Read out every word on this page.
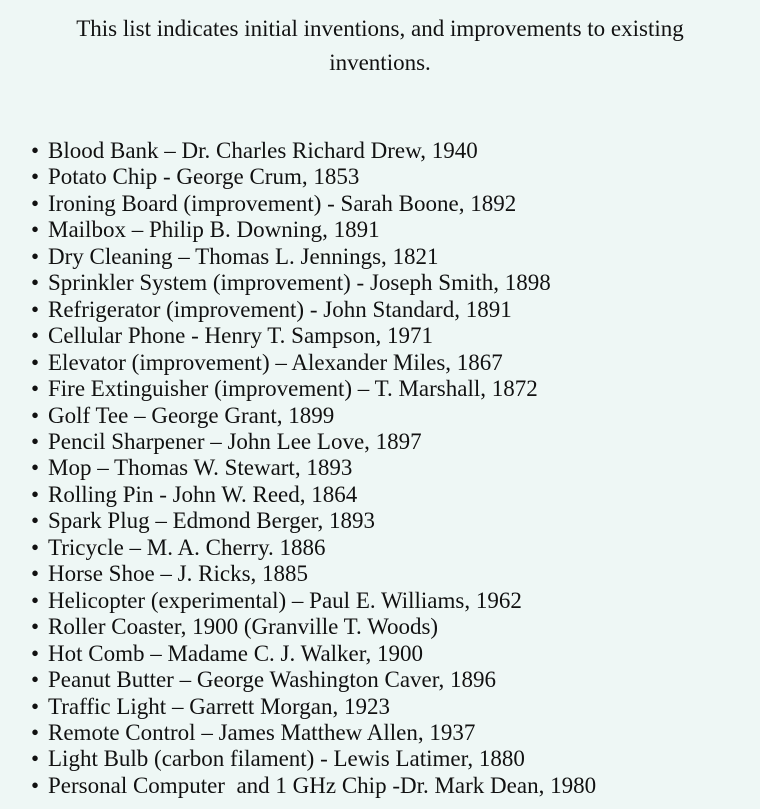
This list indicates initial inventions, and improvements to existing inventions.

• Blood Bank – Dr. Charles Richard Drew, 1940
• Potato Chip - George Crum, 1853
• Ironing Board (improvement) - Sarah Boone, 1892
• Mailbox – Philip B. Downing, 1891
• Dry Cleaning – Thomas L. Jennings, 1821
• Sprinkler System (improvement) - Joseph Smith, 1898
• Refrigerator (improvement) - John Standard, 1891
• Cellular Phone - Henry T. Sampson, 1971
• Elevator (improvement) – Alexander Miles, 1867
• Fire Extinguisher (improvement) – T. Marshall, 1872
• Golf Tee – George Grant, 1899
• Pencil Sharpener – John Lee Love, 1897
• Mop – Thomas W. Stewart, 1893
• Rolling Pin - John W. Reed, 1864
• Spark Plug – Edmond Berger, 1893
• Tricycle – M. A. Cherry. 1886
• Horse Shoe – J. Ricks, 1885
• Helicopter (experimental) – Paul E. Williams, 1962
• Roller Coaster, 1900 (Granville T. Woods)
• Hot Comb – Madame C. J. Walker, 1900
• Peanut Butter – George Washington Caver, 1896
• Traffic Light – Garrett Morgan, 1923
• Remote Control – James Matthew Allen, 1937
• Light Bulb (carbon filament) - Lewis Latimer, 1880
• Personal Computer  and 1 GHz Chip -Dr. Mark Dean, 1980
